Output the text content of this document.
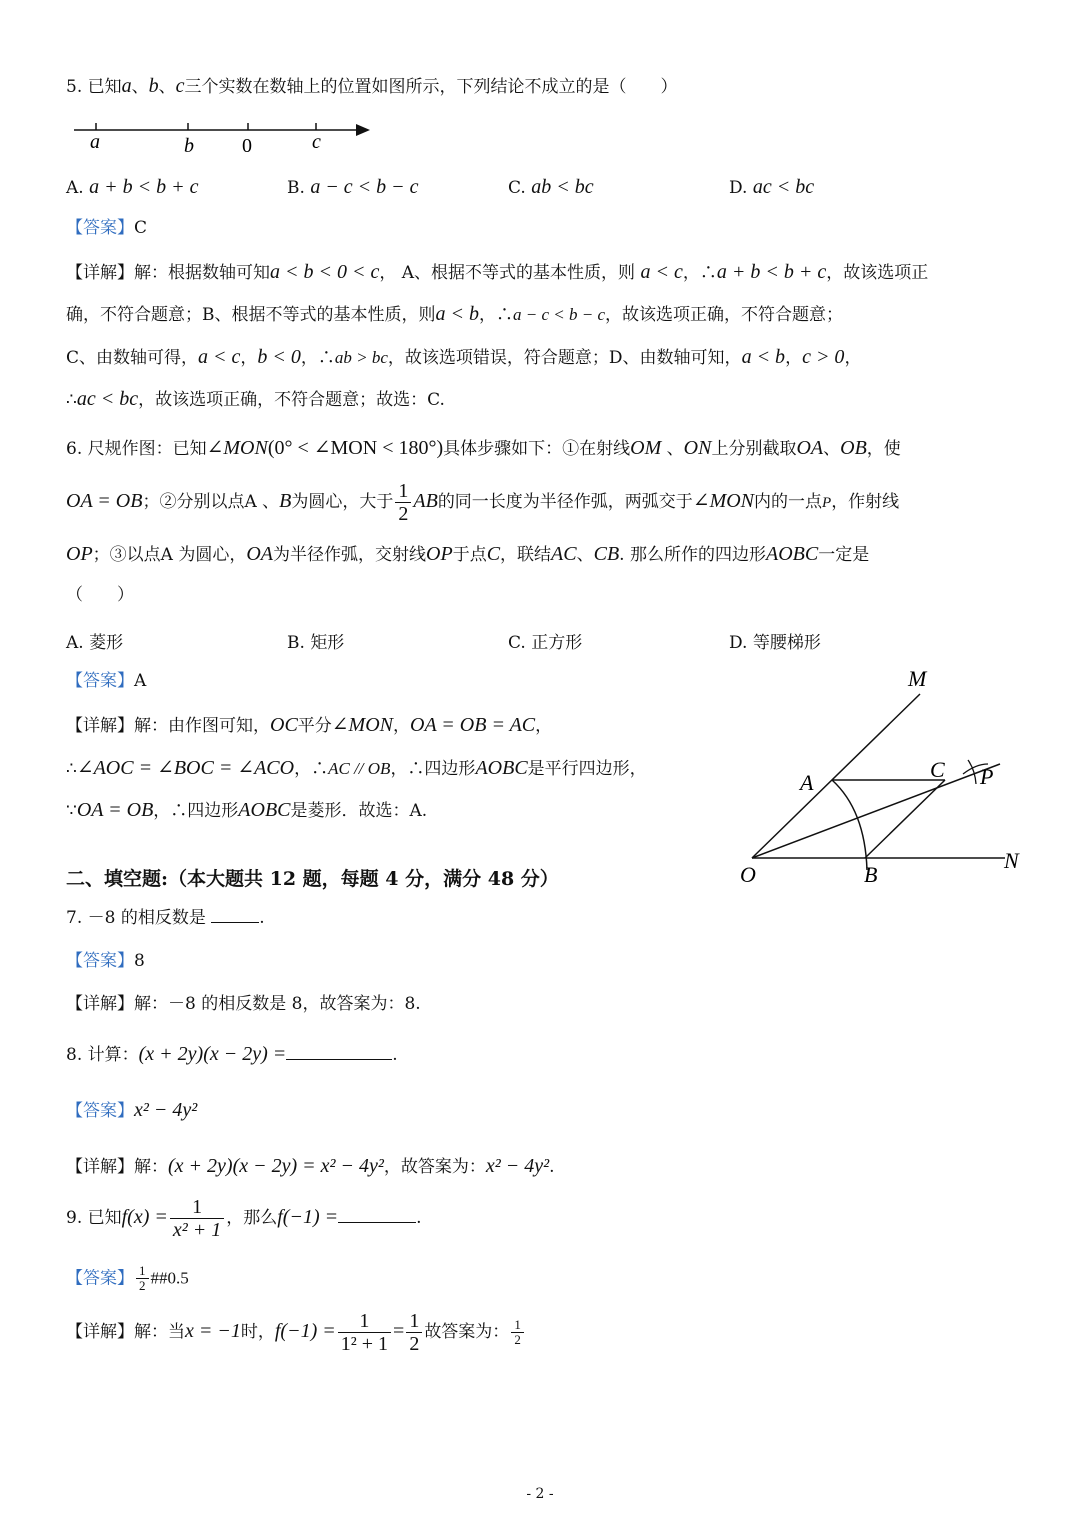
5. 已知a、b、c三个实数在数轴上的位置如图所示，下列结论不成立的是（　　）
a	b 0	c
A. a + b < b + c	B. a − c < b − c	C. ab < bc	D. ac < bc
【答案】C
【详解】解：根据数轴可知a < b < 0 < c， A、根据不等式的基本性质，则 a < c，∴a + b < b + c，故该选项正
确，不符合题意；B、根据不等式的基本性质，则a < b，∴a − c < b − c，故该选项正确，不符合题意；
C、由数轴可得，a < c，b < 0，∴ab > bc，故该选项错误，符合题意；D、由数轴可知，a < b，c > 0，
∴ac < bc，故该选项正确，不符合题意；故选：C.
6. 尺规作图：已知∠MON(0° < ∠MON < 180°)具体步骤如下：①在射线OM 、ON上分别截取OA、OB，使
OA = OB；②分别以点A 、B为圆心，大于 $\frac{1}{2}$ AB的同一长度为半径作弧，两弧交于∠MON内的一点P，作射线
OP；③以点A 为圆心，OA为半径作弧，交射线OP于点C，联结AC、CB. 那么所作的四边形AOBC一定是
（　　）
A. 菱形	B. 矩形	C. 正方形	D. 等腰梯形
【答案】A
【详解】解：由作图可知，OC平分∠MON，OA = OB = AC，
∴∠AOC = ∠BOC = ∠ACO，∴AC // OB，∴四边形AOBC是平行四边形，
∵OA = OB，∴四边形AOBC是菱形．故选：A.
M
A
C P
O	B
N
二、填空题:（本大题共 12 题，每题 4 分，满分 48 分）
7. －8 的相反数是	.
【答案】8
【详解】解：－8 的相反数是 8，故答案为：8.
8. 计算：(x + 2y)(x − 2y) =	.
【答案】x² − 4y²
【详解】解：(x + 2y)(x − 2y) = x² − 4y²，故答案为：x² − 4y².
9. 已知$f(x) = \frac{1}{\text{x² + 1}}$ ，那么f(−1) =	.
【答案】 $\frac{1}{2}$ ##0.5
【详解】解：当x = −1时，$f(-1) = \frac{1}{\text{1² + 1}} = \frac{1}{2}$ 故答案为： $\frac{1}{2}$
- 2 -
